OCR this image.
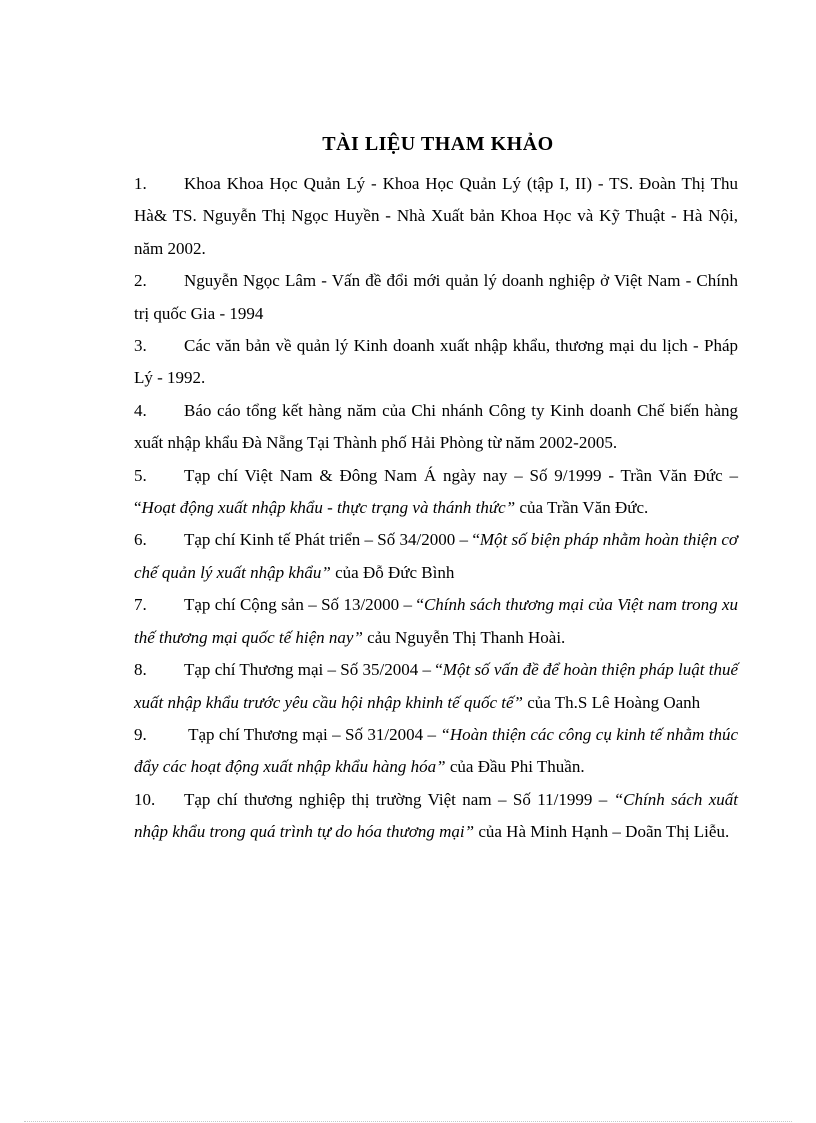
TÀI LIỆU THAM KHẢO

1. Khoa Khoa Học Quản Lý - Khoa Học Quản Lý (tập I, II) - TS. Đoàn Thị Thu Hà& TS. Nguyễn Thị Ngọc Huyền - Nhà Xuất bản Khoa Học và Kỹ Thuật - Hà Nội, năm 2002.

2. Nguyễn Ngọc Lâm - Vấn đề đổi mới quản lý doanh nghiệp ở Việt Nam - Chính trị quốc Gia - 1994

3. Các văn bản về quản lý Kinh doanh xuất nhập khẩu, thương mại du lịch - Pháp Lý - 1992.

4. Báo cáo tổng kết hàng năm của Chi nhánh Công ty Kinh doanh Chế biến hàng xuất nhập khẩu Đà Nẵng Tại Thành phố Hải Phòng từ năm 2002-2005.

5. Tạp chí Việt Nam & Đông Nam Á ngày nay – Số 9/1999 - Trần Văn Đức – “Hoạt động xuất nhập khẩu - thực trạng và thánh thức” của Trần Văn Đức.

6. Tạp chí Kinh tế Phát triển – Số 34/2000 – “Một số biện pháp nhằm hoàn thiện cơ chế quản lý xuất nhập khẩu” của Đỗ Đức Bình

7. Tạp chí Cộng sản – Số 13/2000 – “Chính sách thương mại của Việt nam trong xu thế thương mại quốc tế hiện nay” cảu Nguyễn Thị Thanh Hoài.

8. Tạp chí Thương mại – Số 35/2004 – “Một số vấn đề để hoàn thiện pháp luật thuế xuất nhập khẩu trước yêu cầu hội nhập khinh tế quốc tế” của Th.S Lê Hoàng Oanh

9. Tạp chí Thương mại – Số 31/2004 – “Hoàn thiện các công cụ kinh tế nhằm thúc đẩy các hoạt động xuất nhập khẩu hàng hóa” của Đầu Phi Thuần.

10. Tạp chí thương nghiệp thị trường Việt nam – Số 11/1999 – “Chính sách xuất nhập khẩu trong quá trình tự do hóa thương mại” của Hà Minh Hạnh – Doãn Thị Liễu.
